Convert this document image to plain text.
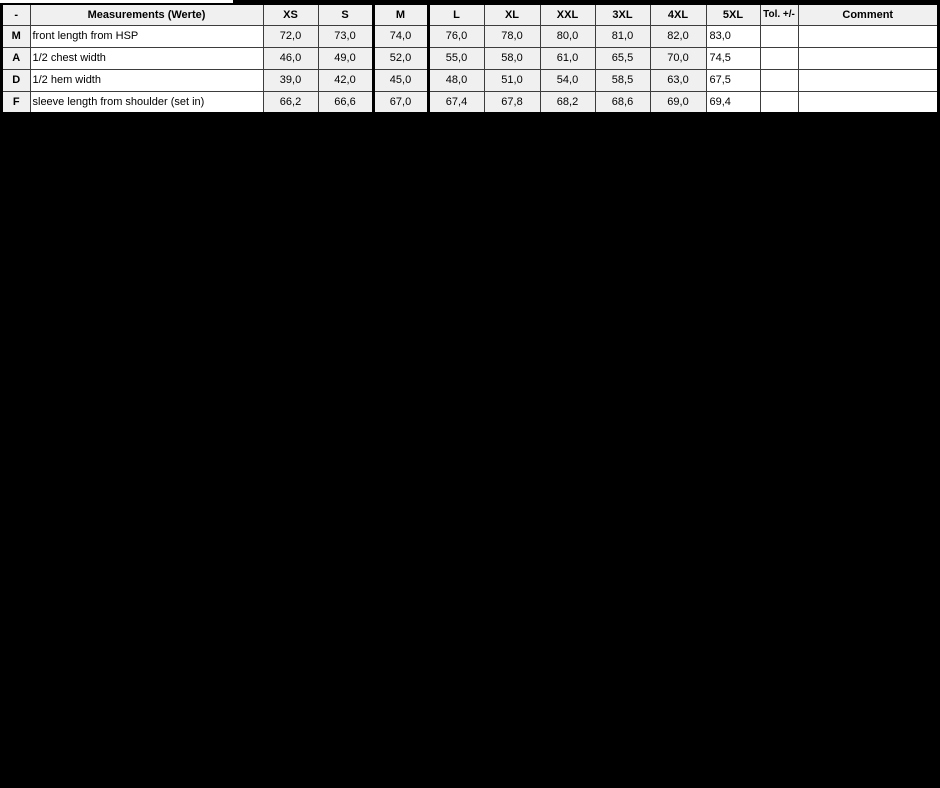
-	Measurements (Werte)	XS	S	M	L	XL	XXL	3XL	4XL	5XL	Tol. +/-	Comment
M	front length from HSP	72,0	73,0	74,0	76,0	78,0	80,0	81,0	82,0	83,0		
A	1/2 chest width	46,0	49,0	52,0	55,0	58,0	61,0	65,5	70,0	74,5		
D	1/2 hem width	39,0	42,0	45,0	48,0	51,0	54,0	58,5	63,0	67,5		
F	sleeve length from shoulder (set in)	66,2	66,6	67,0	67,4	67,8	68,2	68,6	69,0	69,4		
